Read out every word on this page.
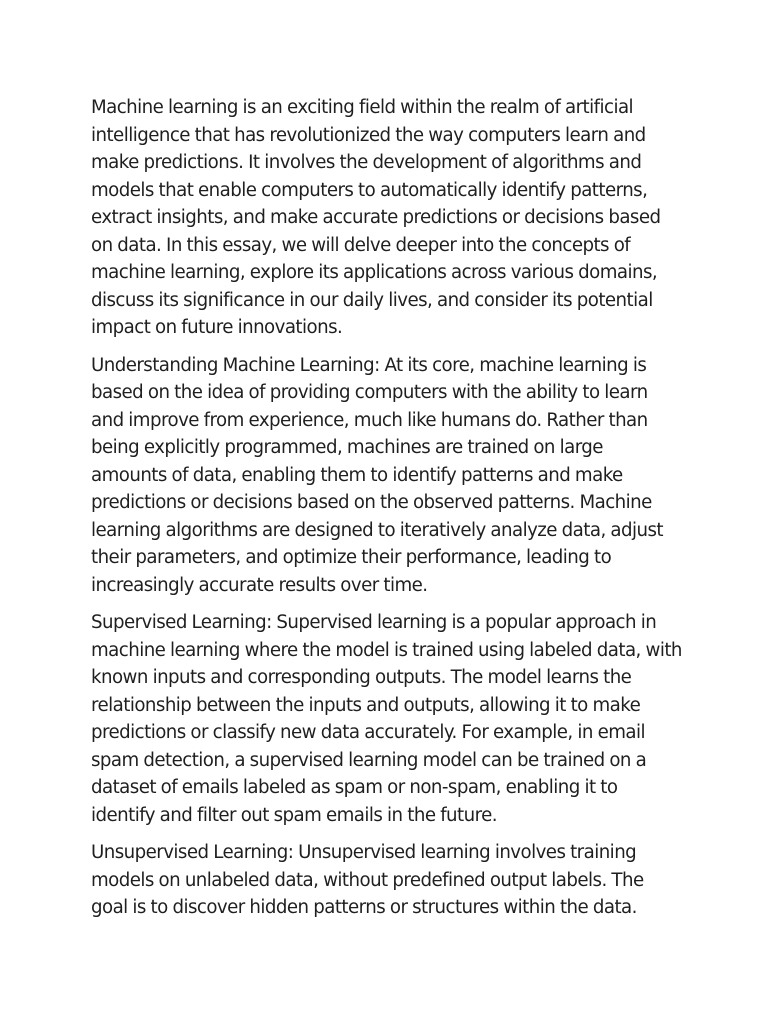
Machine learning is an exciting field within the realm of artificial intelligence that has revolutionized the way computers learn and make predictions. It involves the development of algorithms and models that enable computers to automatically identify patterns, extract insights, and make accurate predictions or decisions based on data. In this essay, we will delve deeper into the concepts of machine learning, explore its applications across various domains, discuss its significance in our daily lives, and consider its potential impact on future innovations.

Understanding Machine Learning: At its core, machine learning is based on the idea of providing computers with the ability to learn and improve from experience, much like humans do. Rather than being explicitly programmed, machines are trained on large amounts of data, enabling them to identify patterns and make predictions or decisions based on the observed patterns. Machine learning algorithms are designed to iteratively analyze data, adjust their parameters, and optimize their performance, leading to increasingly accurate results over time.

Supervised Learning: Supervised learning is a popular approach in machine learning where the model is trained using labeled data, with known inputs and corresponding outputs. The model learns the relationship between the inputs and outputs, allowing it to make predictions or classify new data accurately. For example, in email spam detection, a supervised learning model can be trained on a dataset of emails labeled as spam or non-spam, enabling it to identify and filter out spam emails in the future.

Unsupervised Learning: Unsupervised learning involves training models on unlabeled data, without predefined output labels. The goal is to discover hidden patterns or structures within the data.
